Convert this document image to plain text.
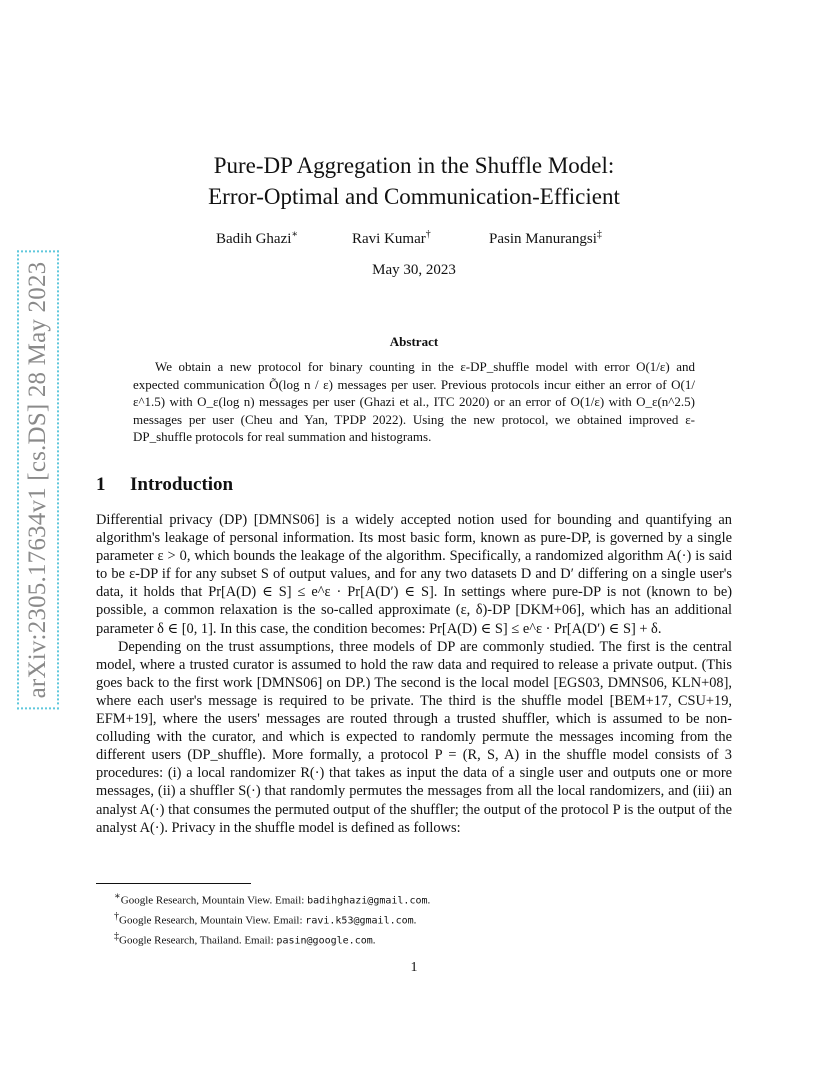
arXiv:2305.17634v1 [cs.DS] 28 May 2023
Pure-DP Aggregation in the Shuffle Model:
Error-Optimal and Communication-Efficient
Badih Ghazi∗	Ravi Kumar†	Pasin Manurangsi‡
May 30, 2023
Abstract

We obtain a new protocol for binary counting in the ε-DP_shuffle model with error O(1/ε) and expected communication Õ(log n / ε) messages per user. Previous protocols incur either an error of O(1/ε^1.5) with O_ε(log n) messages per user (Ghazi et al., ITC 2020) or an error of O(1/ε) with O_ε(n^2.5) messages per user (Cheu and Yan, TPDP 2022). Using the new protocol, we obtained improved ε-DP_shuffle protocols for real summation and histograms.

1 Introduction

Differential privacy (DP) [DMNS06] is a widely accepted notion used for bounding and quantifying an algorithm's leakage of personal information. Its most basic form, known as pure-DP, is governed by a single parameter ε > 0, which bounds the leakage of the algorithm. Specifically, a randomized algorithm A(·) is said to be ε-DP if for any subset S of output values, and for any two datasets D and D′ differing on a single user's data, it holds that Pr[A(D) ∈ S] ≤ e^ε · Pr[A(D′) ∈ S]. In settings where pure-DP is not (known to be) possible, a common relaxation is the so-called approximate (ε, δ)-DP [DKM+06], which has an additional parameter δ ∈ [0, 1]. In this case, the condition becomes: Pr[A(D) ∈ S] ≤ e^ε · Pr[A(D′) ∈ S] + δ.

Depending on the trust assumptions, three models of DP are commonly studied. The first is the central model, where a trusted curator is assumed to hold the raw data and required to release a private output. (This goes back to the first work [DMNS06] on DP.) The second is the local model [EGS03, DMNS06, KLN+08], where each user's message is required to be private. The third is the shuffle model [BEM+17, CSU+19, EFM+19], where the users' messages are routed through a trusted shuffler, which is assumed to be non-colluding with the curator, and which is expected to randomly permute the messages incoming from the different users (DP_shuffle). More formally, a protocol P = (R, S, A) in the shuffle model consists of 3 procedures: (i) a local randomizer R(·) that takes as input the data of a single user and outputs one or more messages, (ii) a shuffler S(·) that randomly permutes the messages from all the local randomizers, and (iii) an analyst A(·) that consumes the permuted output of the shuffler; the output of the protocol P is the output of the analyst A(·). Privacy in the shuffle model is defined as follows:

∗Google Research, Mountain View. Email: badihghazi@gmail.com.
†Google Research, Mountain View. Email: ravi.k53@gmail.com.
‡Google Research, Thailand. Email: pasin@google.com.
1
